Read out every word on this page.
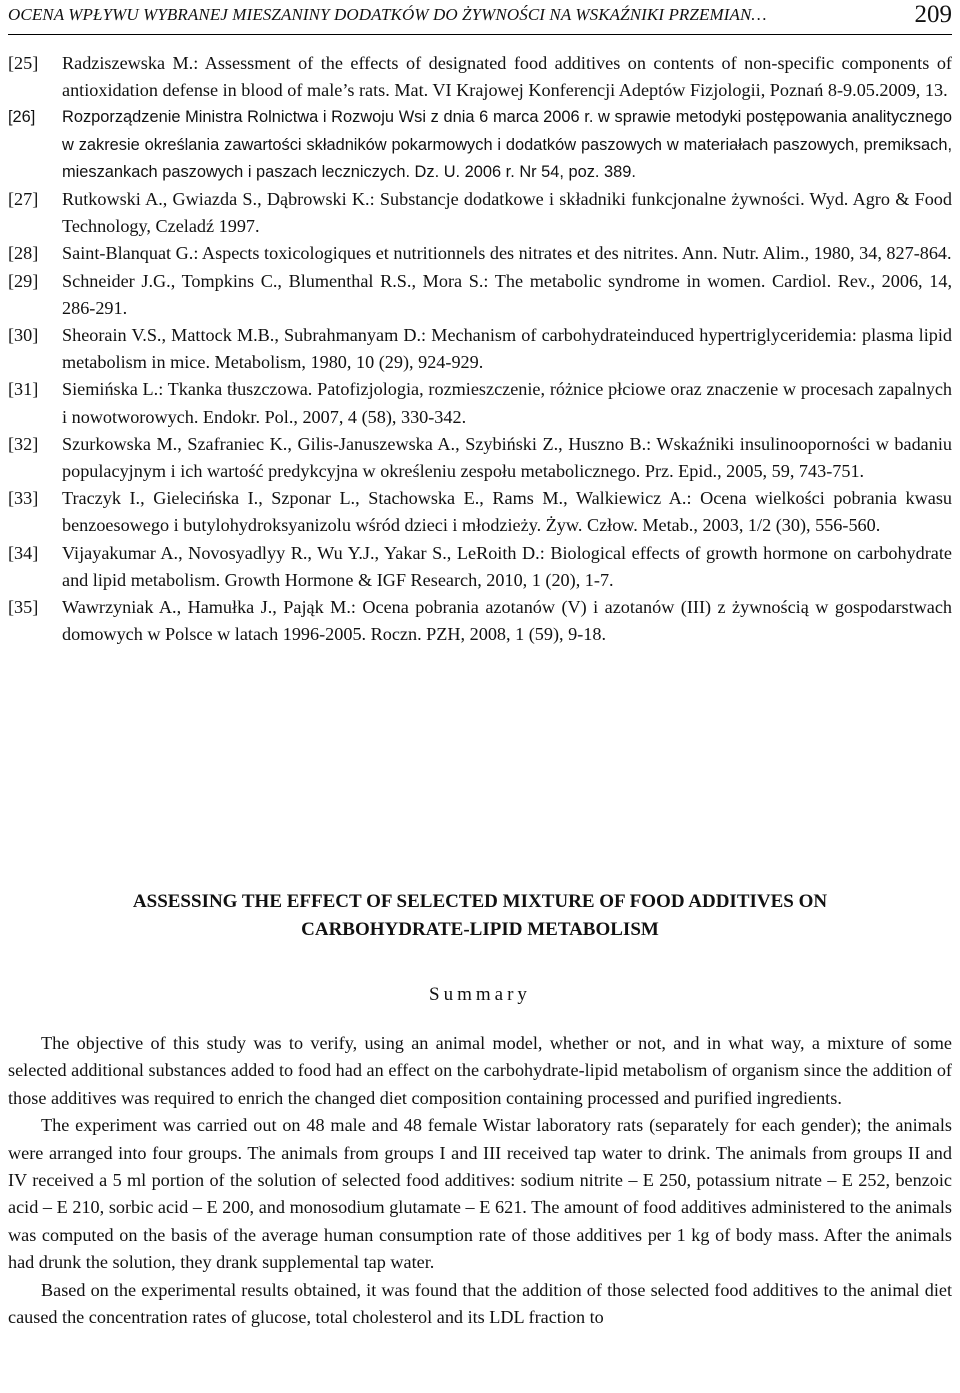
OCENA WPŁYWU WYBRANEJ MIESZANINY DODATKÓW DO ŻYWNOŚCI NA WSKAŹNIKI PRZEMIAN…	209
[25] Radziszewska M.: Assessment of the effects of designated food additives on contents of non-specific components of antioxidation defense in blood of male’s rats. Mat. VI Krajowej Konferencji Adeptów Fizjologii, Poznań 8-9.05.2009, 13.
[26] Rozporządzenie Ministra Rolnictwa i Rozwoju Wsi z dnia 6 marca 2006 r. w sprawie metodyki postępowania analitycznego w zakresie określania zawartości składników pokarmowych i dodatków paszowych w materiałach paszowych, premiksach, mieszankach paszowych i paszach leczniczych. Dz. U. 2006 r. Nr 54, poz. 389.
[27] Rutkowski A., Gwiazda S., Dąbrowski K.: Substancje dodatkowe i składniki funkcjonalne żywności. Wyd. Agro & Food Technology, Czeladź 1997.
[28] Saint-Blanquat G.: Aspects toxicologiques et nutritionnels des nitrates et des nitrites. Ann. Nutr. Alim., 1980, 34, 827-864.
[29] Schneider J.G., Tompkins C., Blumenthal R.S., Mora S.: The metabolic syndrome in women. Cardiol. Rev., 2006, 14, 286-291.
[30] Sheorain V.S., Mattock M.B., Subrahmanyam D.: Mechanism of carbohydrateinduced hypertriglyceridemia: plasma lipid metabolism in mice. Metabolism, 1980, 10 (29), 924-929.
[31] Siemińska L.: Tkanka tłuszczowa. Patofizjologia, rozmieszczenie, różnice płciowe oraz znaczenie w procesach zapalnych i nowotworowych. Endokr. Pol., 2007, 4 (58), 330-342.
[32] Szurkowska M., Szafraniec K., Gilis-Januszewska A., Szybiński Z., Huszno B.: Wskaźniki insulinooporności w badaniu populacyjnym i ich wartość predykcyjna w określeniu zespołu metabolicznego. Prz. Epid., 2005, 59, 743-751.
[33] Traczyk I., Gielecińska I., Szponar L., Stachowska E., Rams M., Walkiewicz A.: Ocena wielkości pobrania kwasu benzoesowego i butylohydroksyanizolu wśród dzieci i młodzieży. Żyw. Człow. Metab., 2003, 1/2 (30), 556-560.
[34] Vijayakumar A., Novosyadlyy R., Wu Y.J., Yakar S., LeRoith D.: Biological effects of growth hormone on carbohydrate and lipid metabolism. Growth Hormone & IGF Research, 2010, 1 (20), 1-7.
[35] Wawrzyniak A., Hamułka J., Pająk M.: Ocena pobrania azotanów (V) i azotanów (III) z żywnością w gospodarstwach domowych w Polsce w latach 1996-2005. Roczn. PZH, 2008, 1 (59), 9-18.
ASSESSING THE EFFECT OF SELECTED MIXTURE OF FOOD ADDITIVES ON
CARBOHYDRATE-LIPID METABOLISM
Summary

The objective of this study was to verify, using an animal model, whether or not, and in what way, a mixture of some selected additional substances added to food had an effect on the carbohydrate-lipid metabolism of organism since the addition of those additives was required to enrich the changed diet composition containing processed and purified ingredients.

The experiment was carried out on 48 male and 48 female Wistar laboratory rats (separately for each gender); the animals were arranged into four groups. The animals from groups I and III received tap water to drink. The animals from groups II and IV received a 5 ml portion of the solution of selected food additives: sodium nitrite – E 250, potassium nitrate – E 252, benzoic acid – E 210, sorbic acid – E 200, and monosodium glutamate – E 621. The amount of food additives administered to the animals was computed on the basis of the average human consumption rate of those additives per 1 kg of body mass. After the animals had drunk the solution, they drank supplemental tap water.

Based on the experimental results obtained, it was found that the addition of those selected food additives to the animal diet caused the concentration rates of glucose, total cholesterol and its LDL fraction to
